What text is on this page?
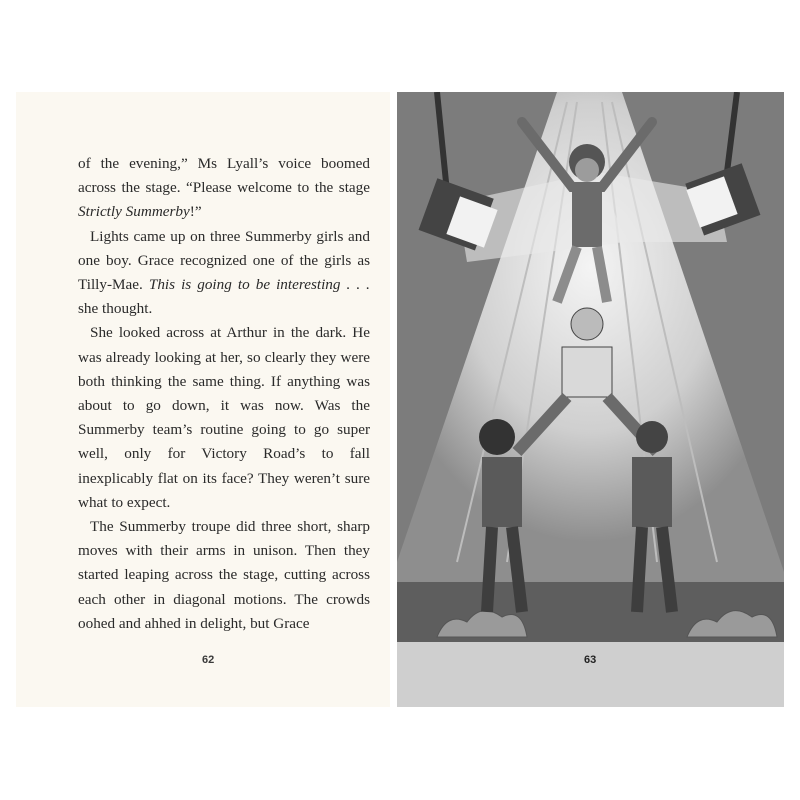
of the evening,” Ms Lyall’s voice boomed across the stage. “Please welcome to the stage Strictly Summerby!”

Lights came up on three Summerby girls and one boy. Grace recognized one of the girls as Tilly-Mae. This is going to be interesting . . . she thought.

She looked across at Arthur in the dark. He was already looking at her, so clearly they were both thinking the same thing. If anything was about to go down, it was now. Was the Summerby team’s routine going to go super well, only for Victory Road’s to fall inexplicably flat on its face? They weren’t sure what to expect.

The Summerby troupe did three short, sharp moves with their arms in unison. Then they started leaping across the stage, cutting across each other in diagonal motions. The crowds oohed and ahhed in delight, but Grace

62	63
